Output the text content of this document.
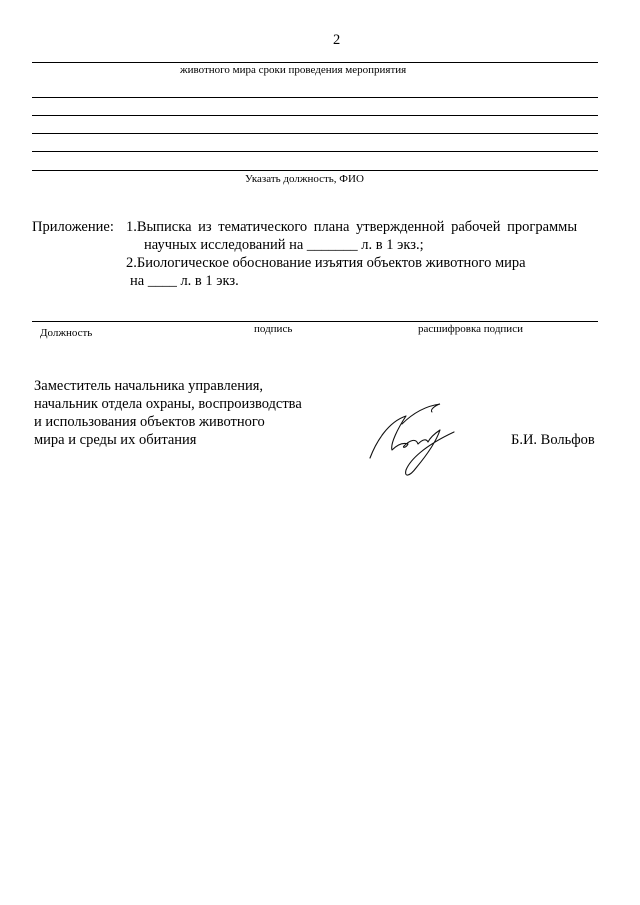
2
животного мира сроки проведения мероприятия
Указать должность, ФИО
Приложение: 1.Выписка из тематического плана утвержденной рабочей программы
научных исследований на _______ л. в 1 экз.;
2.Биологическое обоснование изъятия объектов животного мира
на ____ л. в 1 экз.
Должность	подпись	расшифровка подписи
Заместитель начальника управления,
начальник отдела охраны, воспроизводства
и использования объектов животного
мира и среды их обитания	Б.И. Вольфов
